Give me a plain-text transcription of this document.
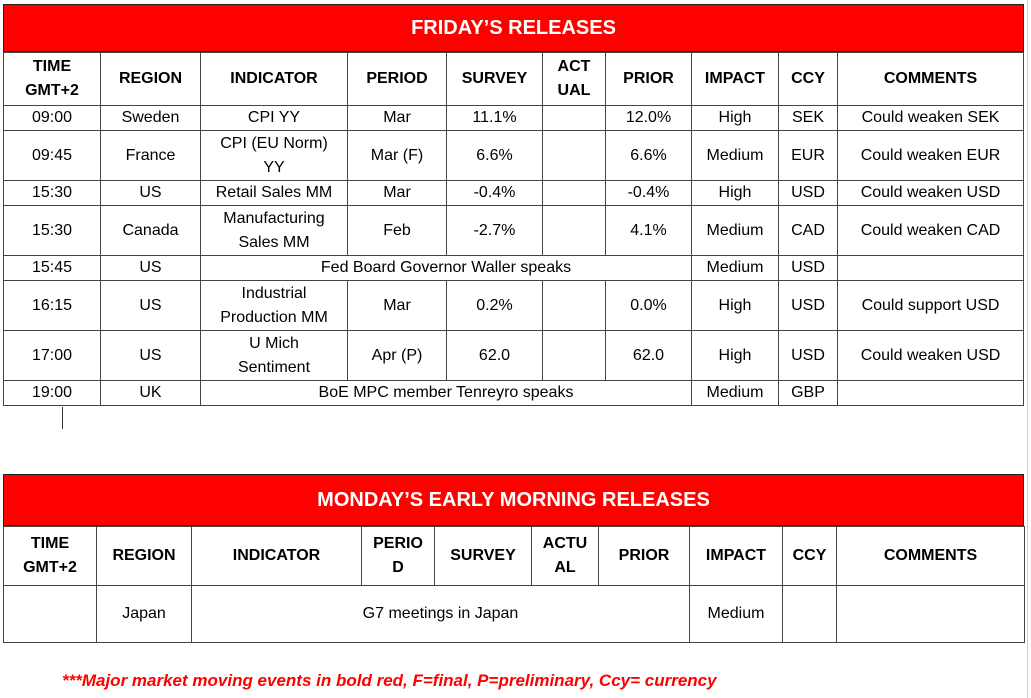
FRIDAY’S RELEASES
TIME
GMT+2	REGION	INDICATOR	PERIOD	SURVEY	ACT
UAL	PRIOR	IMPACT	CCY	COMMENTS
09:00	Sweden	CPI YY	Mar	11.1%		12.0%	High	SEK	Could weaken SEK
09:45	France	CPI (EU Norm)
YY	Mar (F)	6.6%		6.6%	Medium	EUR	Could weaken EUR
15:30	US	Retail Sales MM	Mar	-0.4%		-0.4%	High	USD	Could weaken USD
15:30	Canada	Manufacturing
Sales MM	Feb	-2.7%		4.1%	Medium	CAD	Could weaken CAD
15:45	US	Fed Board Governor Waller speaks					Medium	USD	
16:15	US	Industrial
Production MM	Mar	0.2%		0.0%	High	USD	Could support USD
17:00	US	U Mich
Sentiment	Apr (P)	62.0		62.0	High	USD	Could weaken USD
19:00	UK	BoE MPC member Tenreyro speaks					Medium	GBP	
MONDAY’S EARLY MORNING RELEASES
TIME
GMT+2	REGION	INDICATOR	PERIO
D	SURVEY	ACTU
AL	PRIOR	IMPACT	CCY	COMMENTS
	Japan	G7 meetings in Japan					Medium		
***Major market moving events in bold red, F=final, P=preliminary, Ccy= currency
